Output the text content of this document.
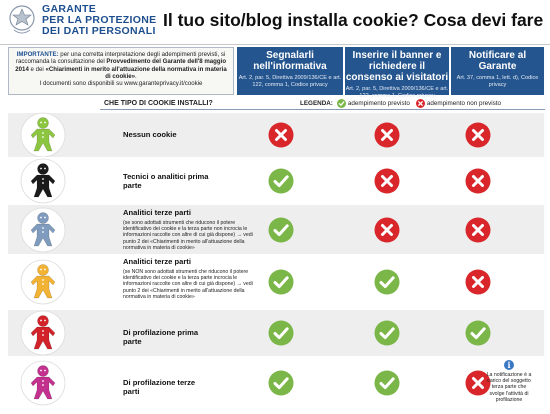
GARANTE
PER LA PROTEZIONE
DEI DATI PERSONALI
Il tuo sito/blog installa cookie? Cosa devi fare
IMPORTANTE: per una corretta interpretazione degli adempimenti previsti, si raccomanda la consultazione del Provvedimento del Garante dell'8 maggio 2014 e dei «Chiarimenti in merito all'attuazione della normativa in materia di cookie».
I documenti sono disponibili su www.garanteprivacy.it/cookie
Segnalarli nell'informativa
Art. 2, par. 5, Direttiva 2009/136/CE e art. 122, comma 1, Codice privacy
Inserire il banner e richiedere il consenso ai visitatori
Art. 2, par. 5, Direttiva 2009/136/CE e art. 122, comma 1, Codice privacy
Notificare al Garante
Art. 37, comma 1, lett. d), Codice privacy
CHE TIPO DI COOKIE INSTALLI?	LEGENDA: adempimento previsto	adempimento non previsto
Nessun cookie
Tecnici o analitici prima parte
Analitici terze parti
(se sono adottati strumenti che riducono il potere identificativo dei cookie e la terza parte non incrocia le informazioni raccolte con altre di cui già dispone) → vedi punto 2 dei «Chiarimenti in merito all'attuazione della normativa in materia di cookie»
Analitici terze parti
(se NON sono adottati strumenti che riducono il potere identificativo dei cookie e la terza parte incrocia le informazioni raccolte con altre di cui già dispone) → vedi punto 2 dei «Chiarimenti in merito all'attuazione della normativa in materia di cookie»
Di profilazione prima parte
Di profilazione terze parti
i
La notificazione è a carico del soggetto terza parte che svolge l'attività di profilazione
